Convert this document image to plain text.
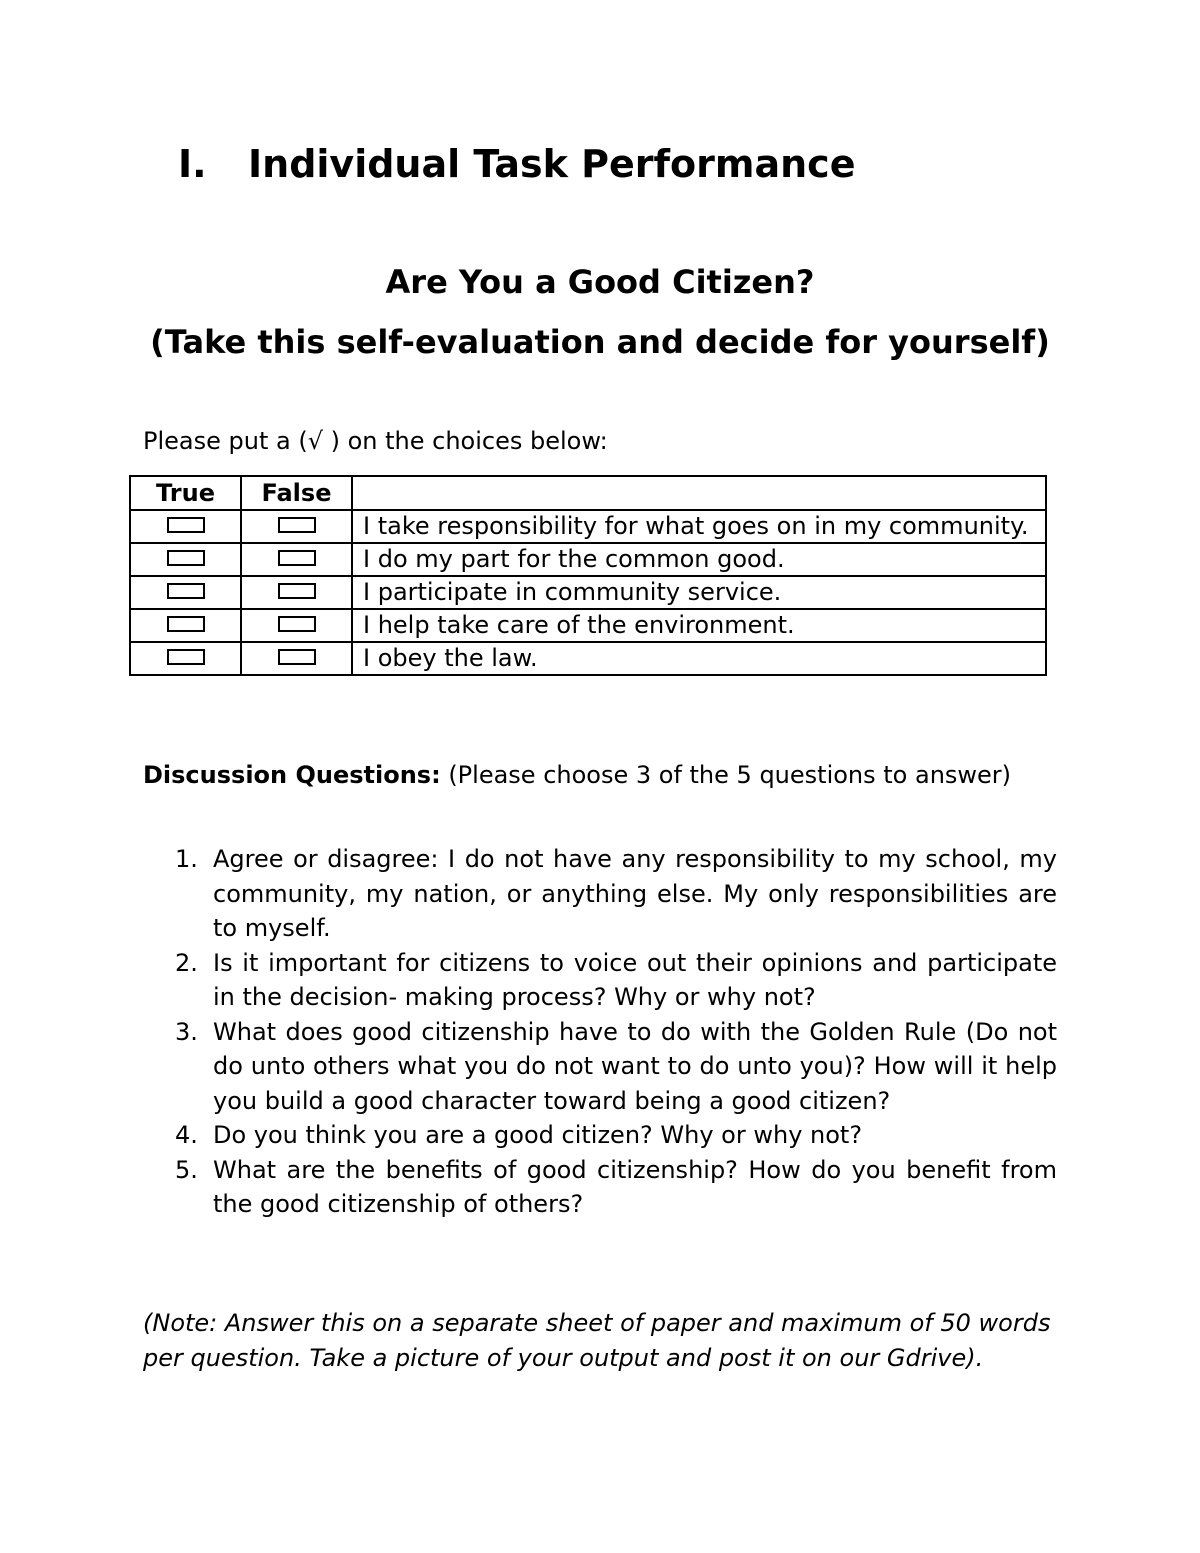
I. Individual Task Performance
Are You a Good Citizen?
(Take this self-evaluation and decide for yourself)
Please put a (√ ) on the choices below:
True	False	
		I take responsibility for what goes on in my community.
		I do my part for the common good.
		I participate in community service.
		I help take care of the environment.
		I obey the law.
Discussion Questions: (Please choose 3 of the 5 questions to answer)
1. Agree or disagree: I do not have any responsibility to my school, my community, my nation, or anything else. My only responsibilities are to myself.
2. Is it important for citizens to voice out their opinions and participate in the decision- making process? Why or why not?
3. What does good citizenship have to do with the Golden Rule (Do not do unto others what you do not want to do unto you)? How will it help you build a good character toward being a good citizen?
4. Do you think you are a good citizen? Why or why not?
5. What are the benefits of good citizenship? How do you benefit from the good citizenship of others?
(Note: Answer this on a separate sheet of paper and maximum of 50 words per question. Take a picture of your output and post it on our Gdrive).
